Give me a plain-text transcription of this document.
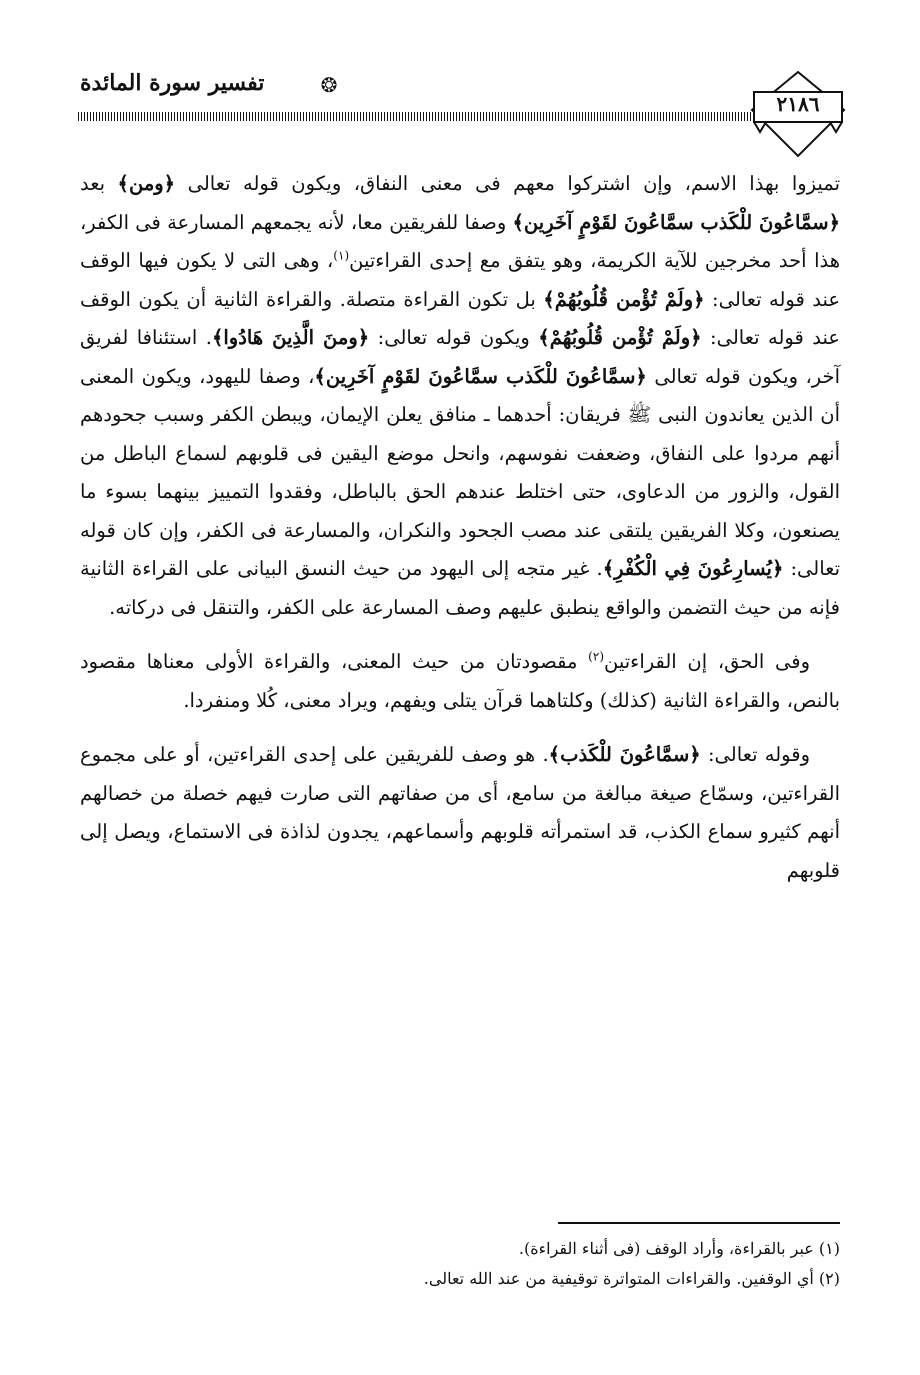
تفسير سورة المائدة	❂
٢١٨٦

تميزوا بهذا الاسم، وإن اشتركوا معهم فى معنى النفاق، ويكون قوله تعالى ﴿ومن﴾ بعد ﴿سمَّاعُونَ للْكَذب سمَّاعُونَ لقَوْمٍ آخَرِين﴾ وصفا للفريقين معا، لأنه يجمعهم المسارعة فى الكفر، هذا أحد مخرجين للآية الكريمة، وهو يتفق مع إحدى القراءتين$^{(١)}$، وهى التى لا يكون فيها الوقف عند قوله تعالى: ﴿ولَمْ تُؤْمن قُلُوبُهُمْ﴾ بل تكون القراءة متصلة. والقراءة الثانية أن يكون الوقف عند قوله تعالى: ﴿ولَمْ تُؤْمن قُلُوبُهُمْ﴾ ويكون قوله تعالى: ﴿ومنَ الَّذِينَ هَادُوا﴾. استئنافا لفريق آخر، ويكون قوله تعالى ﴿سمَّاعُونَ للْكَذب سمَّاعُونَ لقَوْمٍ آخَرِين﴾، وصفا لليهود، ويكون المعنى أن الذين يعاندون النبى ﷺ فريقان: أحدهما ـ منافق يعلن الإيمان، ويبطن الكفر وسبب جحودهم أنهم مردوا على النفاق، وضعفت نفوسهم، وانحل موضع اليقين فى قلوبهم لسماع الباطل من القول، والزور من الدعاوى، حتى اختلط عندهم الحق بالباطل، وفقدوا التمييز بينهما بسوء ما يصنعون، وكلا الفريقين يلتقى عند مصب الجحود والنكران، والمسارعة فى الكفر، وإن كان قوله تعالى: ﴿يُسارِعُونَ فِي الْكُفْرِ﴾. غير متجه إلى اليهود من حيث النسق البيانى على القراءة الثانية فإنه من حيث التضمن والواقع ينطبق عليهم وصف المسارعة على الكفر، والتنقل فى دركاته.

وفى الحق، إن القراءتين$^{(٢)}$ مقصودتان من حيث المعنى، والقراءة الأولى معناها مقصود بالنص، والقراءة الثانية (كذلك) وكلتاهما قرآن يتلى ويفهم، ويراد معنى، كُلا ومنفردا.

وقوله تعالى: ﴿سمَّاعُونَ للْكَذب﴾. هو وصف للفريقين على إحدى القراءتين، أو على مجموع القراءتين، وسمّاع صيغة مبالغة من سامع، أى من صفاتهم التى صارت فيهم خصلة من خصالهم أنهم كثيرو سماع الكذب، قد استمرأته قلوبهم وأسماعهم، يجدون لذاذة فى الاستماع، ويصل إلى قلوبهم

(١) عبر بالقراءة، وأراد الوقف (فى أثناء القراءة).
(٢) أي الوقفين. والقراءات المتواترة توقيفية من عند الله تعالى.
